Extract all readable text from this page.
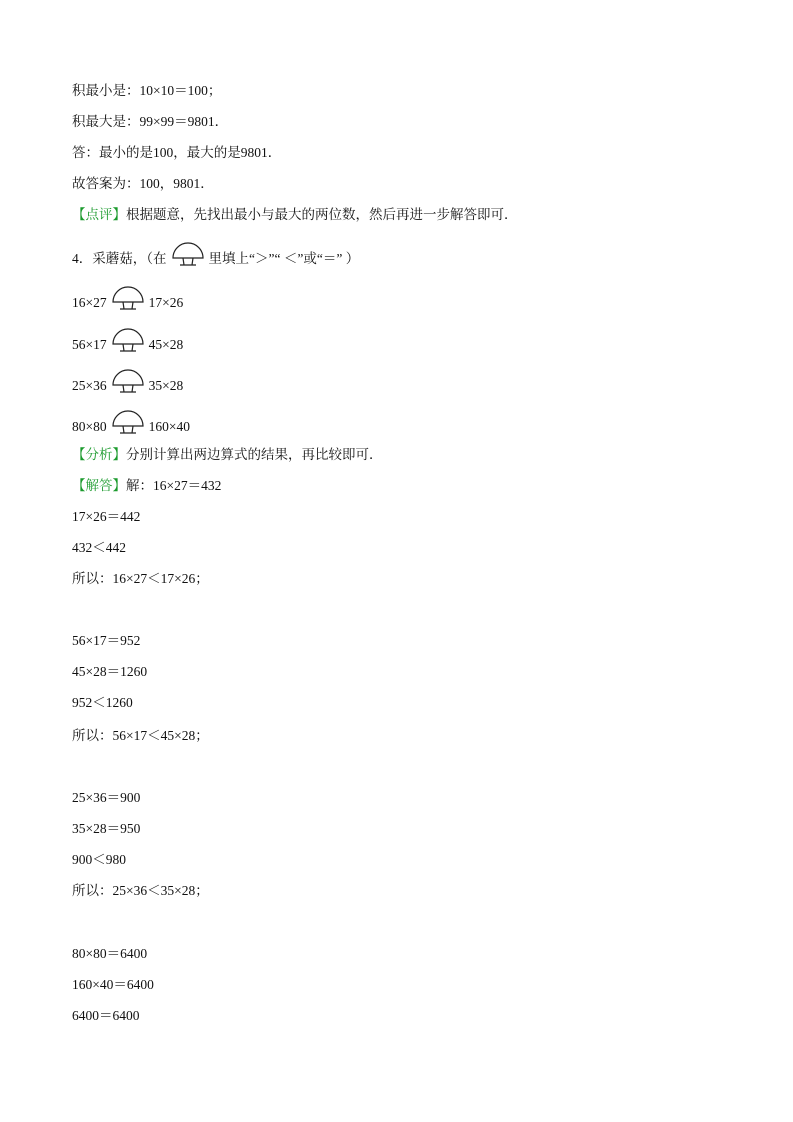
积最小是：10×10＝100；
积最大是：99×99＝9801．
答：最小的是100，最大的是9801．
故答案为：100，9801．
【点评】根据题意，先找出最小与最大的两位数，然后再进一步解答即可．
4．采蘑菇，（在	里填上“＞”“ ＜”或“＝” ）
16×27	17×26
56×17	45×28
25×36	35×28
80×80	160×40
【分析】分别计算出两边算式的结果，再比较即可．
【解答】解：16×27＝432
17×26＝442
432＜442
所以：16×27＜17×26；
56×17＝952
45×28＝1260
952＜1260
所以：56×17＜45×28；
25×36＝900
35×28＝950
900＜980
所以：25×36＜35×28；
80×80＝6400
160×40＝6400
6400＝6400
